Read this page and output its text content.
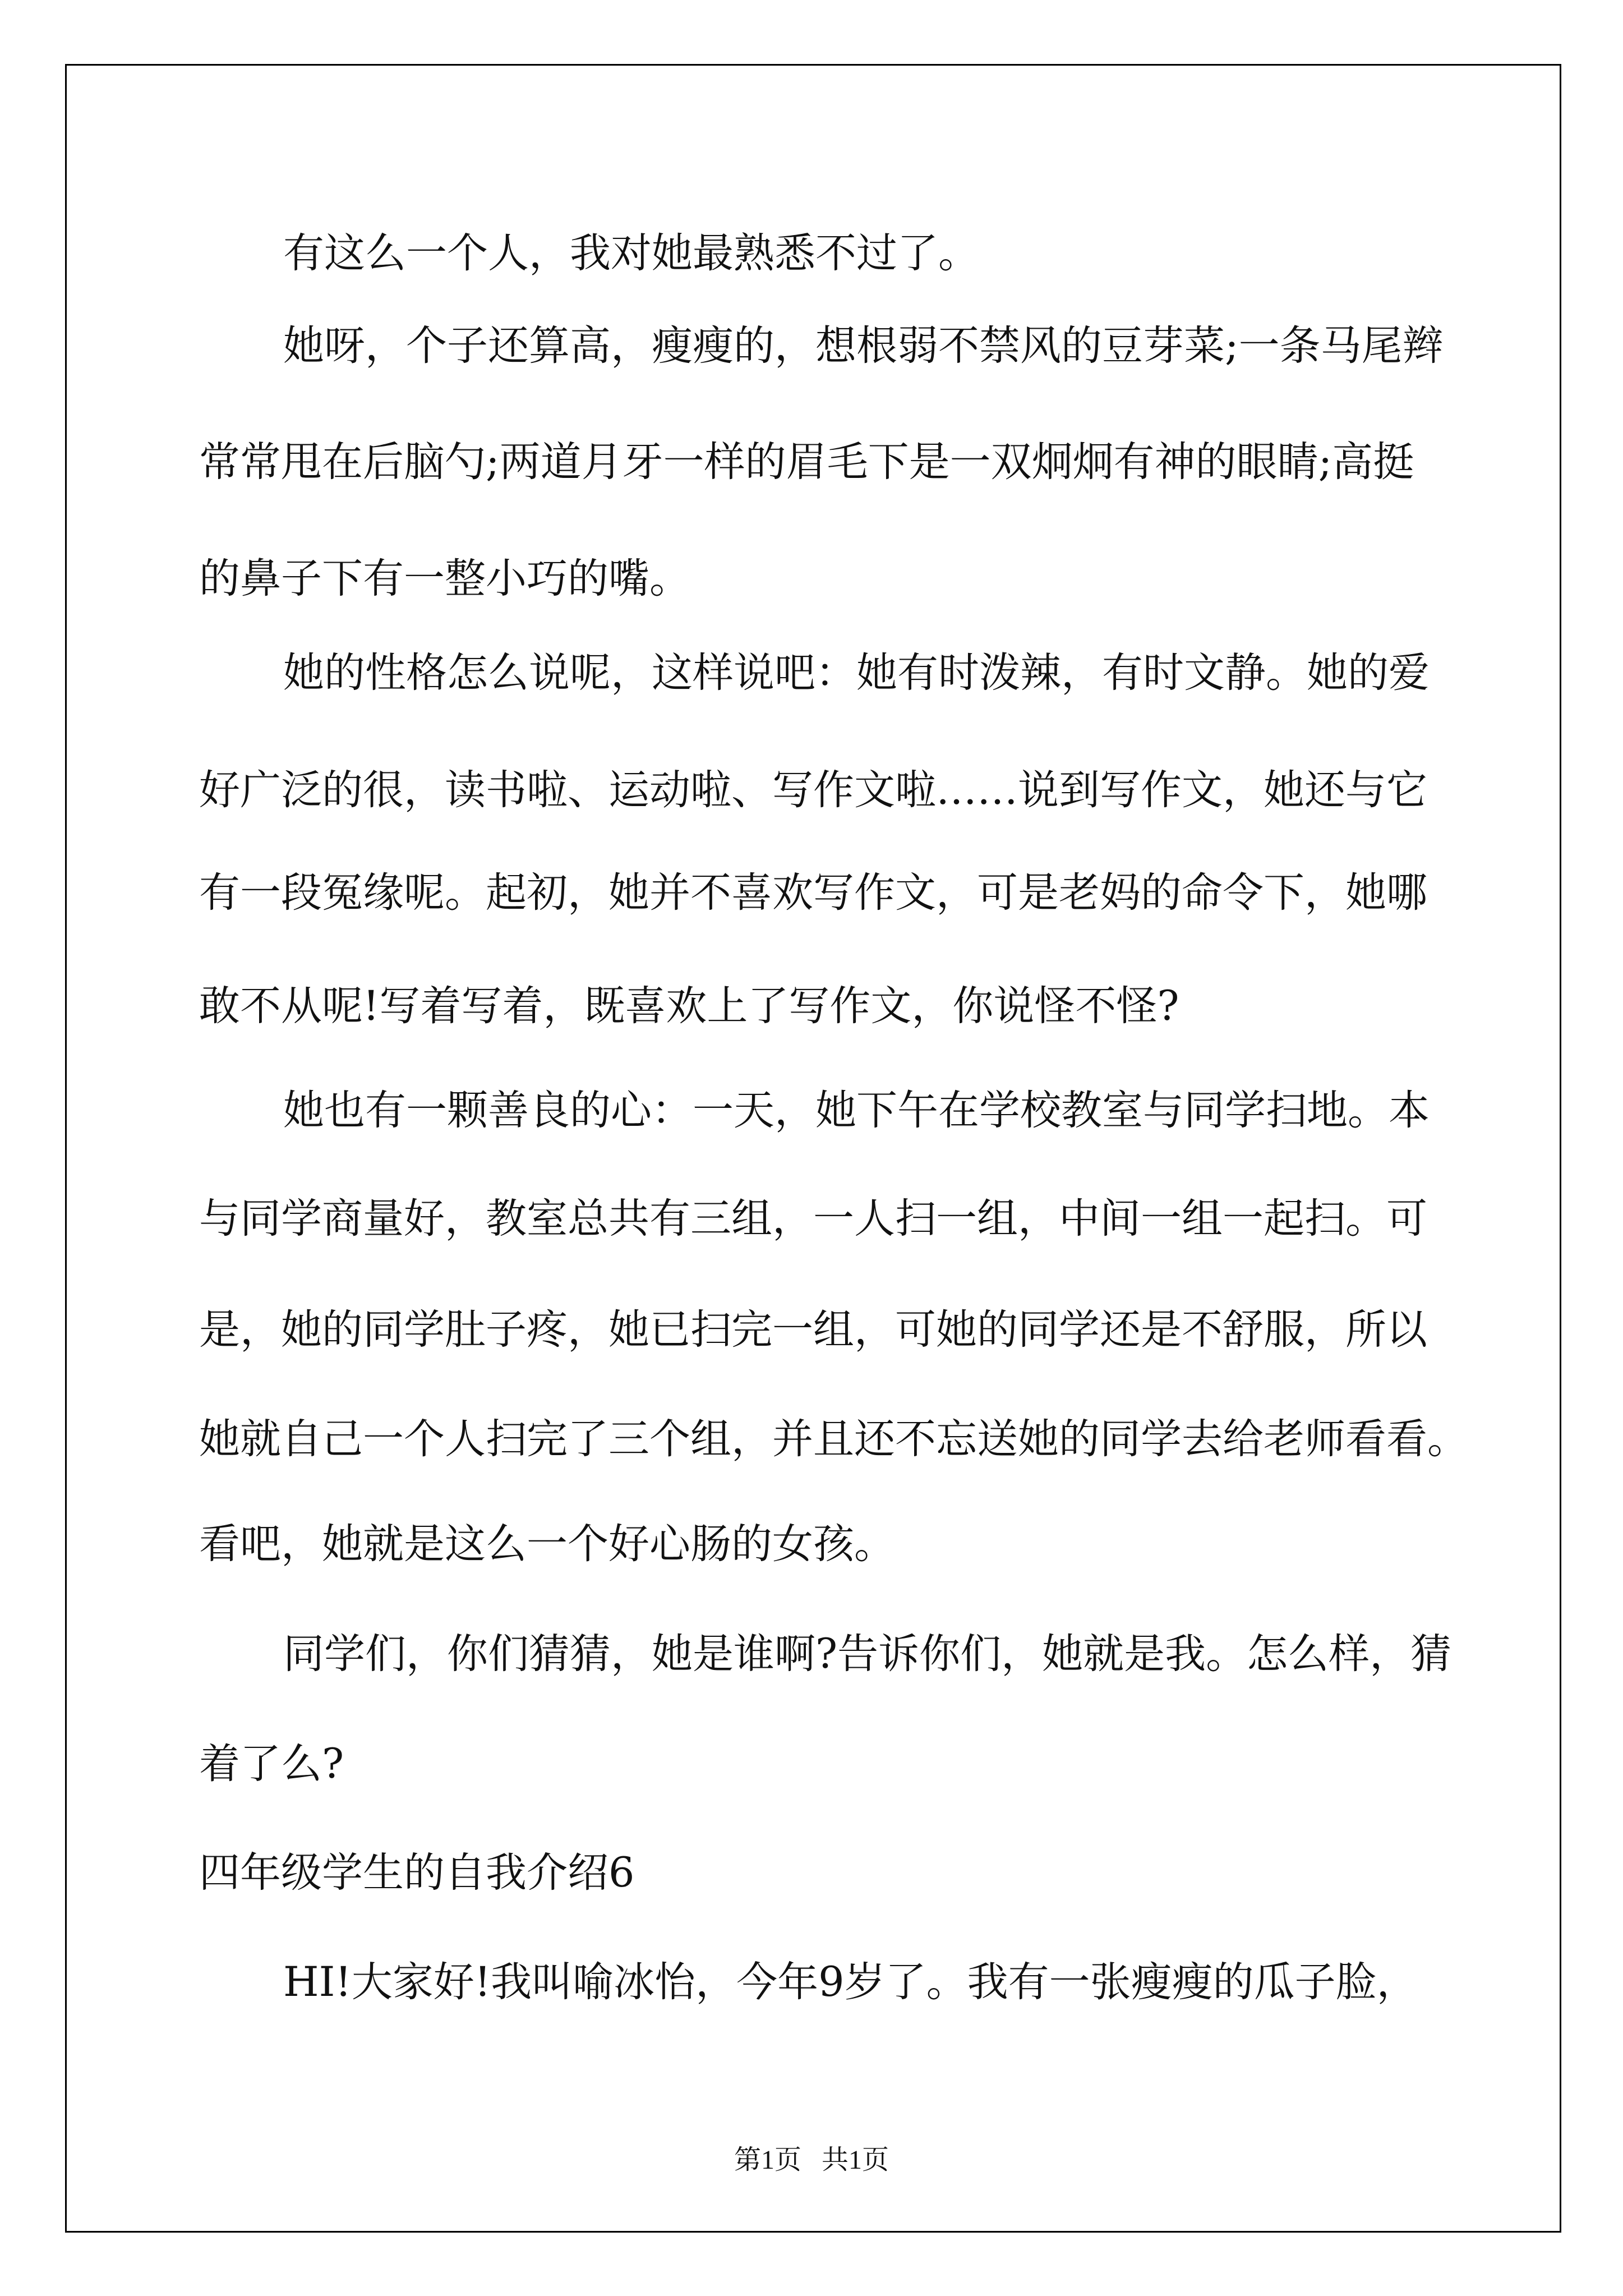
有这么一个人，我对她最熟悉不过了。

她呀，个子还算高，瘦瘦的，想根弱不禁风的豆芽菜;一条马尾辫

常常甩在后脑勺;两道月牙一样的眉毛下是一双炯炯有神的眼睛;高挺

的鼻子下有一整小巧的嘴。

她的性格怎么说呢，这样说吧：她有时泼辣，有时文静。她的爱

好广泛的很，读书啦、运动啦、写作文啦……说到写作文，她还与它

有一段冤缘呢。起初，她并不喜欢写作文，可是老妈的命令下，她哪

敢不从呢!写着写着，既喜欢上了写作文，你说怪不怪?

她也有一颗善良的心：一天，她下午在学校教室与同学扫地。本

与同学商量好，教室总共有三组，一人扫一组，中间一组一起扫。可

是，她的同学肚子疼，她已扫完一组，可她的同学还是不舒服，所以

她就自己一个人扫完了三个组，并且还不忘送她的同学去给老师看看。

看吧，她就是这么一个好心肠的女孩。

同学们，你们猜猜，她是谁啊?告诉你们，她就是我。怎么样，猜

着了么?

四年级学生的自我介绍6

HI!大家好!我叫喻冰怡，今年9岁了。我有一张瘦瘦的瓜子脸，

第1页   共1页
